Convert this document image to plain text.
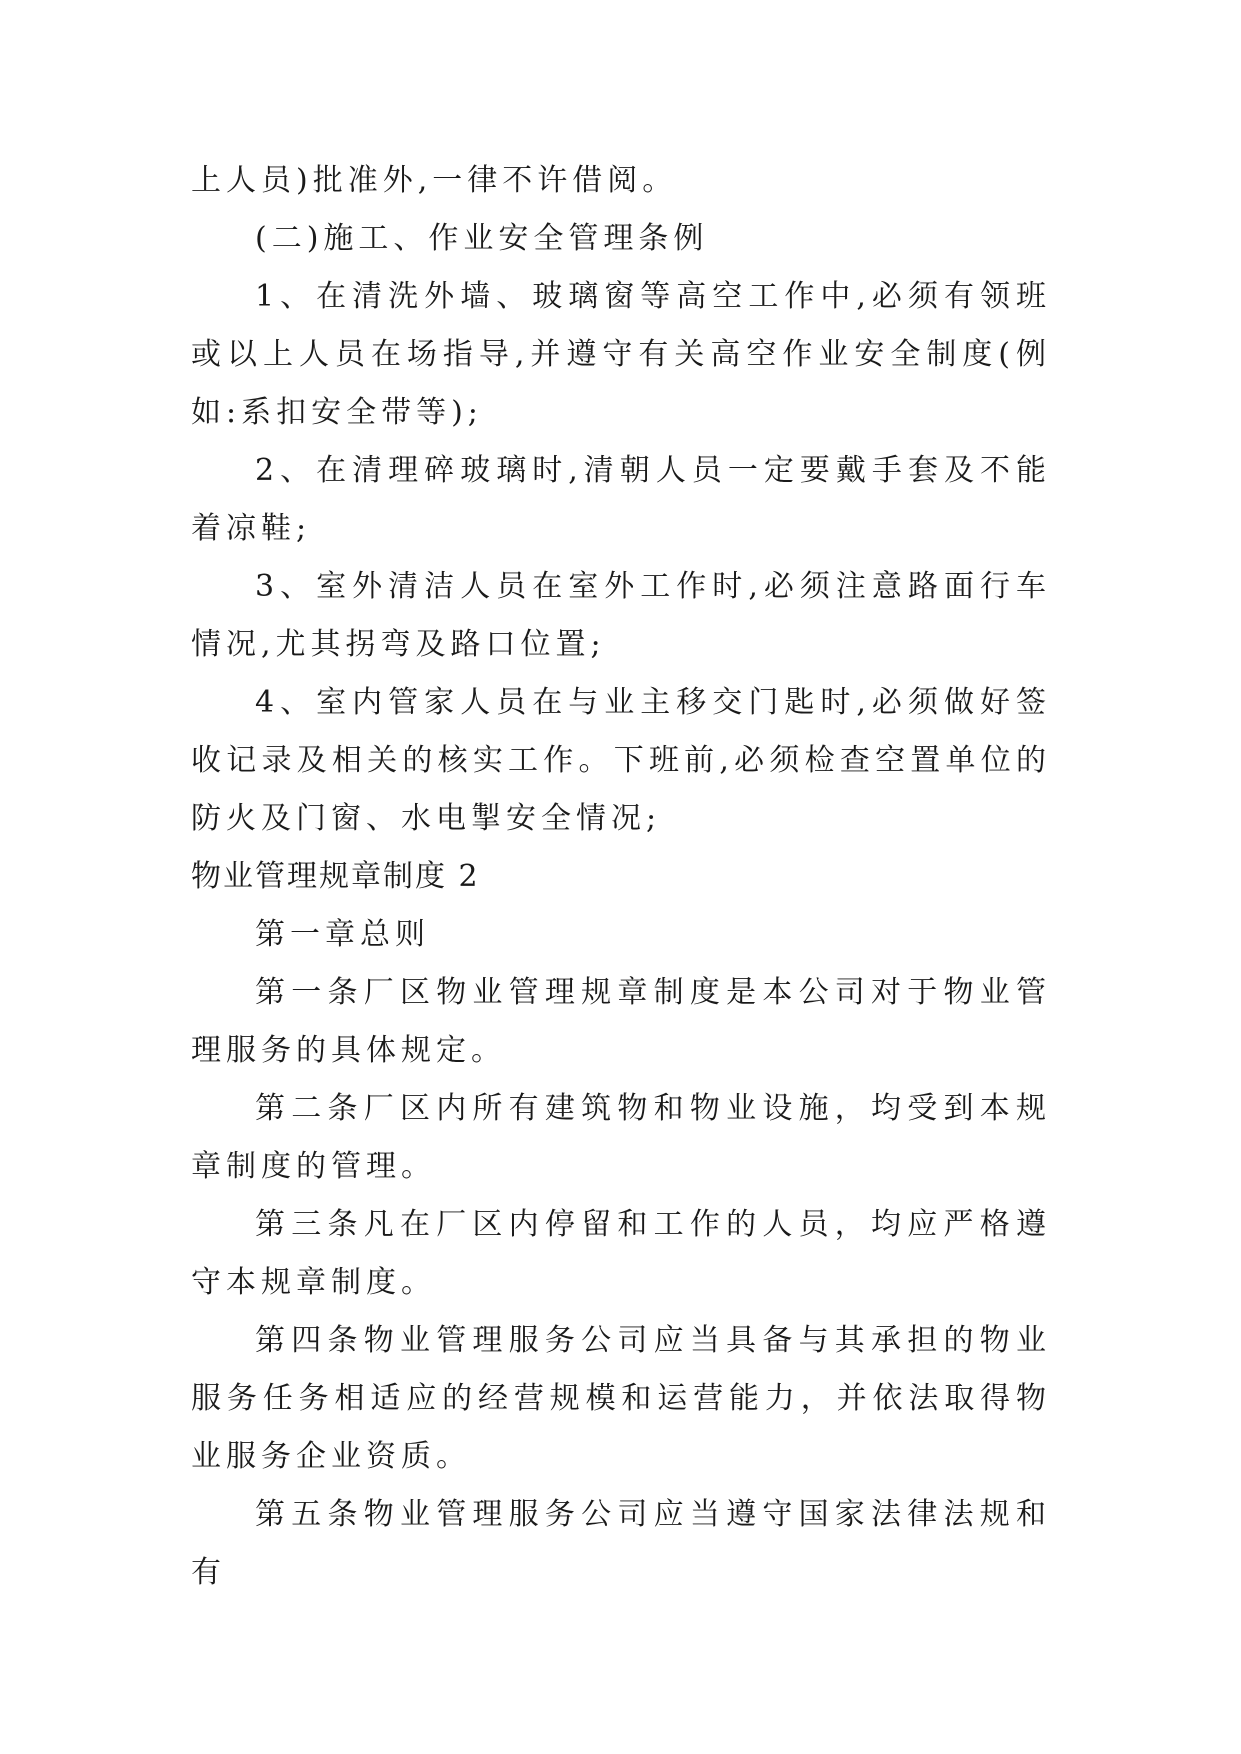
上人员)批准外,一律不许借阅。

(二)施工、作业安全管理条例

1、在清洗外墙、玻璃窗等高空工作中,必须有领班或以上人员在场指导,并遵守有关高空作业安全制度(例如:系扣安全带等);

2、在清理碎玻璃时,清朝人员一定要戴手套及不能着凉鞋;

3、室外清洁人员在室外工作时,必须注意路面行车情况,尤其拐弯及路口位置;

4、室内管家人员在与业主移交门匙时,必须做好签收记录及相关的核实工作。下班前,必须检查空置单位的防火及门窗、水电掣安全情况;

物业管理规章制度 2

第一章总则

第一条厂区物业管理规章制度是本公司对于物业管理服务的具体规定。

第二条厂区内所有建筑物和物业设施，均受到本规章制度的管理。

第三条凡在厂区内停留和工作的人员，均应严格遵守本规章制度。

第四条物业管理服务公司应当具备与其承担的物业服务任务相适应的经营规模和运营能力，并依法取得物业服务企业资质。

第五条物业管理服务公司应当遵守国家法律法规和有
